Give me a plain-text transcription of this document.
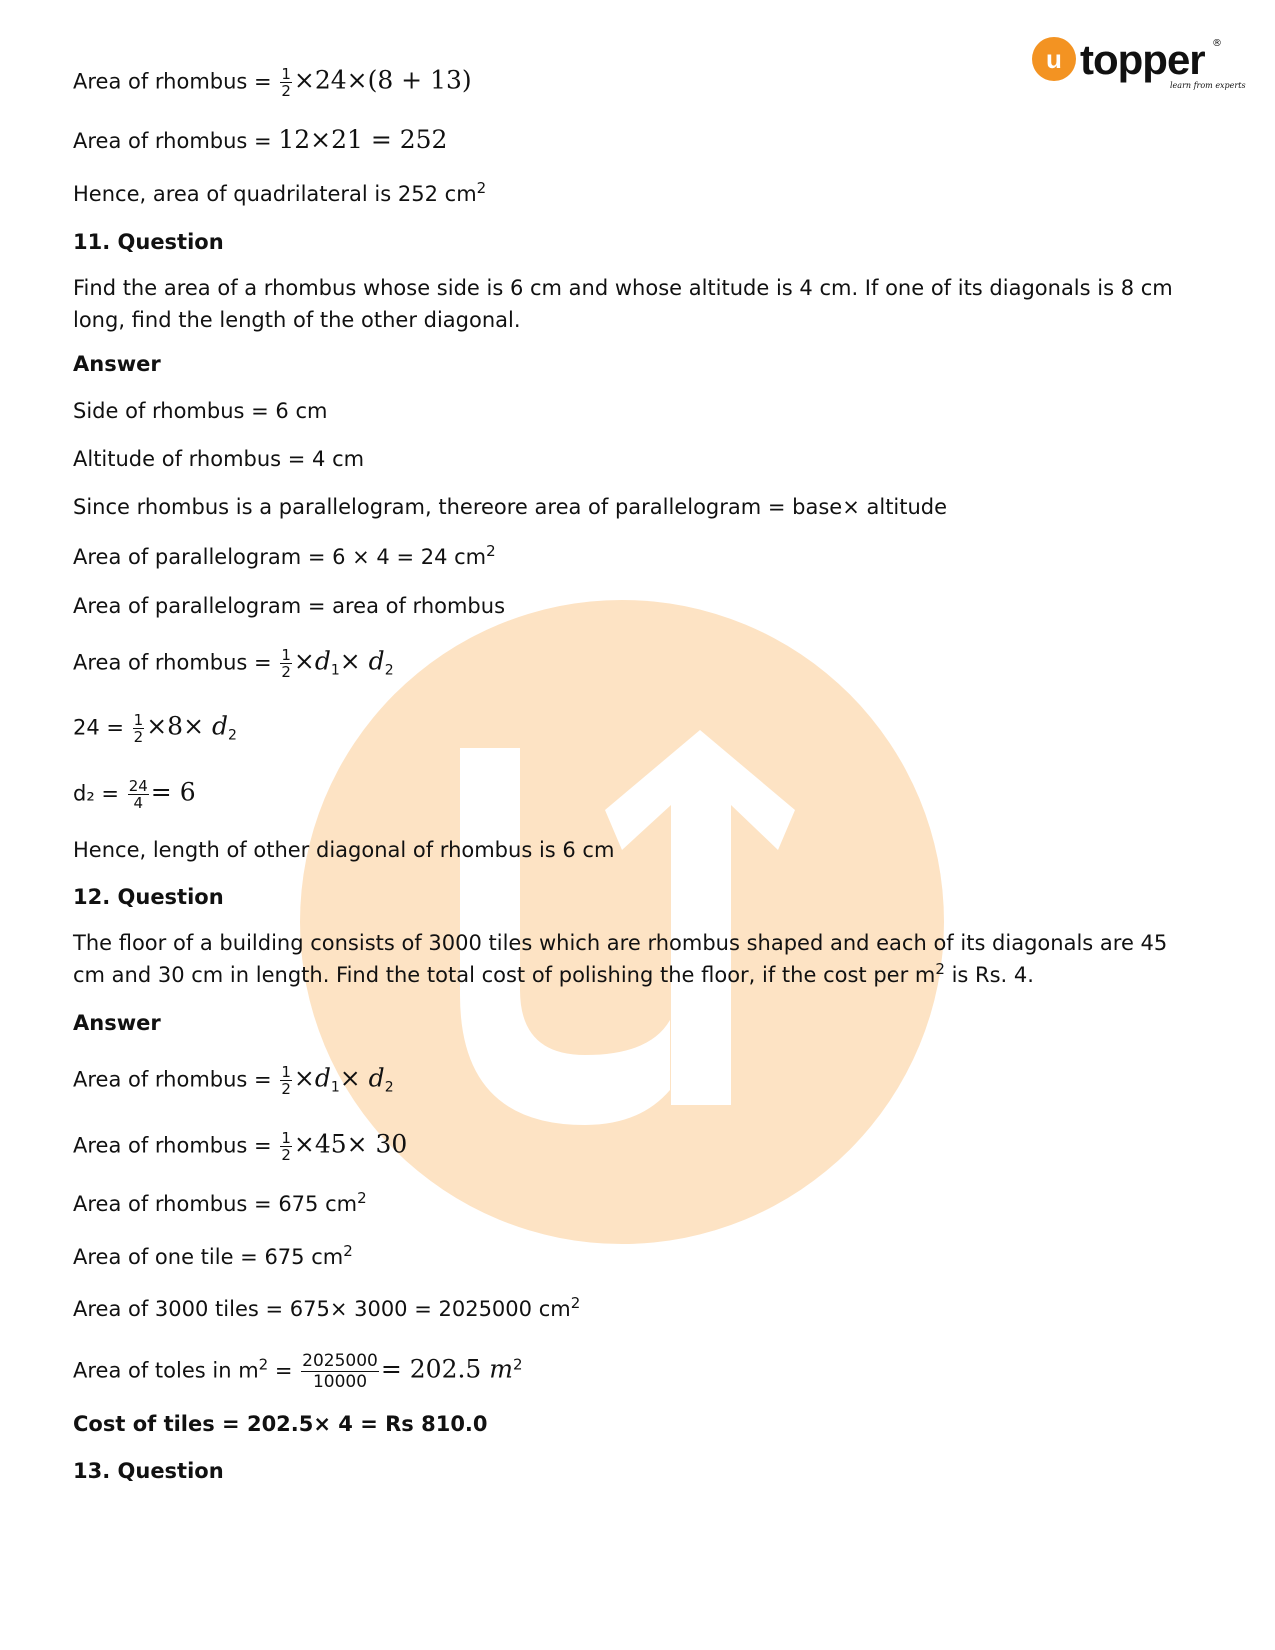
u topper
learn from experts
®
Area of rhombus = $\frac{1}{2} \times 24\times(8 + 13)$
Area of rhombus = 12×21 = 252
Hence, area of quadrilateral is 252 $cm^2$
11. Question
Find the area of a rhombus whose side is 6 cm and whose altitude is 4 cm. If one of its diagonals is 8 cm long, find the length of the other diagonal.
Answer
Side of rhombus = 6 cm
Altitude of rhombus = 4 cm
Since rhombus is a parallelogram, thereore area of parallelogram = base× altitude
Area of parallelogram = 6 × 4 = 24 $cm^2$
Area of parallelogram = area of rhombus
Area of rhombus = $\frac{1}{2} \times d_1\times d_2$
$24 = \frac{1}{2} \times 8\times d_2$
$d_2 = \frac{24}{4} = 6$
Hence, length of other diagonal of rhombus is 6 cm
12. Question
The floor of a building consists of 3000 tiles which are rhombus shaped and each of its diagonals are 45 cm and 30 cm in length. Find the total cost of polishing the floor, if the cost per $m^2$ is Rs. 4.
Answer
Area of rhombus = $\frac{1}{2} \times d_1\times d_2$
Area of rhombus = $\frac{1}{2} \times 45\times 30$
Area of rhombus = 675 $cm^2$
Area of one tile = 675 $cm^2$
Area of 3000 tiles = 675× 3000 = 2025000 $cm^2$
Area of toles in $m^2 = \frac{2025000}{10000} = 202.5$ $m^2$
Cost of tiles = 202.5× 4 = Rs 810.0
13. Question
